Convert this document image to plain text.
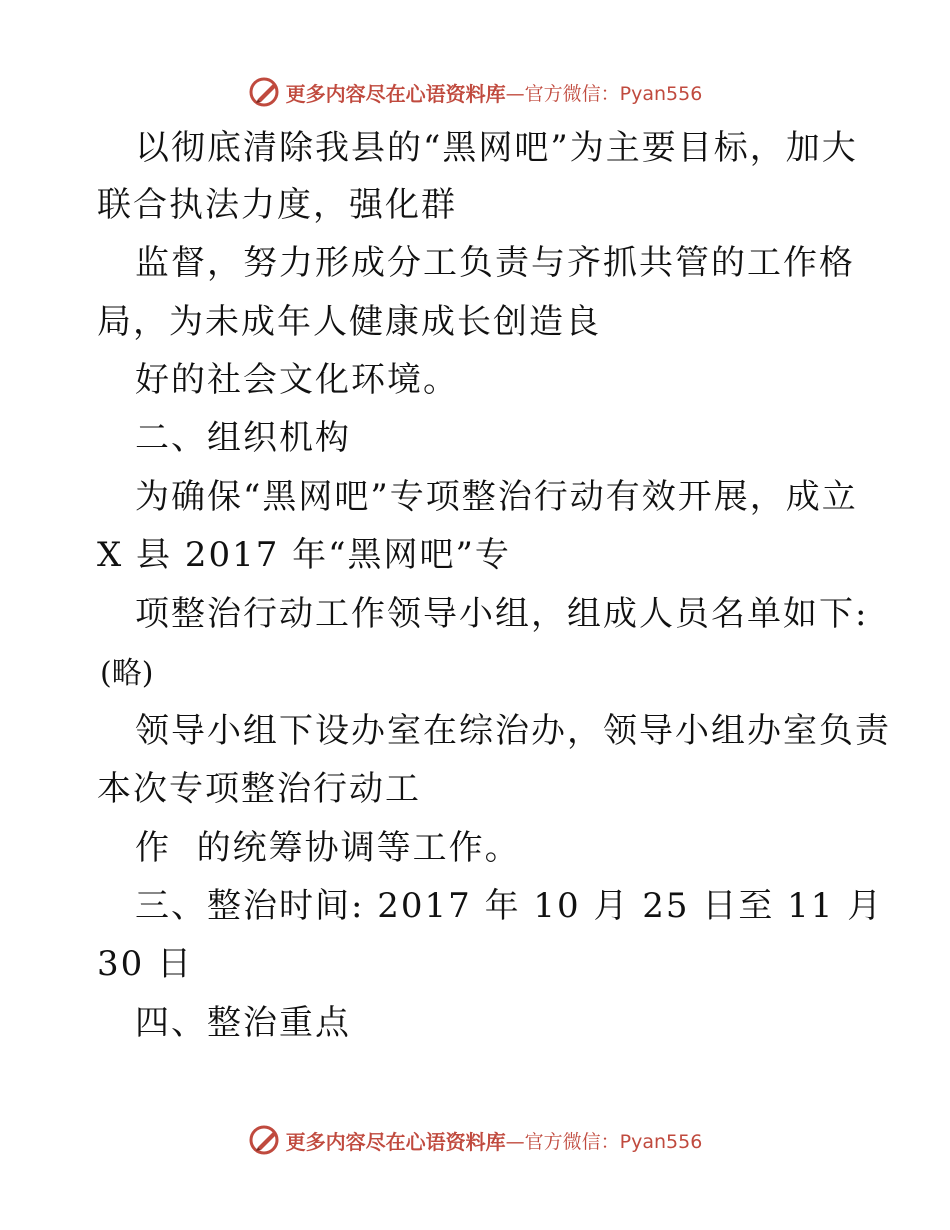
更多内容尽在心语资料库 —官方微信：Pyan556
以彻底清除我县的“黑网吧”为主要目标，加大
联合执法力度，强化群
监督，努力形成分工负责与齐抓共管的工作格
局，为未成年人健康成长创造良
好的社会文化环境。
二、组织机构
为确保“黑网吧”专项整治行动有效开展，成立
X 县 2017 年“黑网吧”专
项整治行动工作领导小组，组成人员名单如下:
(略)
领导小组下设办室在综治办，领导小组办室负责
本次专项整治行动工
作  的统筹协调等工作。
三、整治时间: 2017 年 10 月 25 日至 11 月
30 日
四、整治重点
更多内容尽在心语资料库 —官方微信：Pyan556
